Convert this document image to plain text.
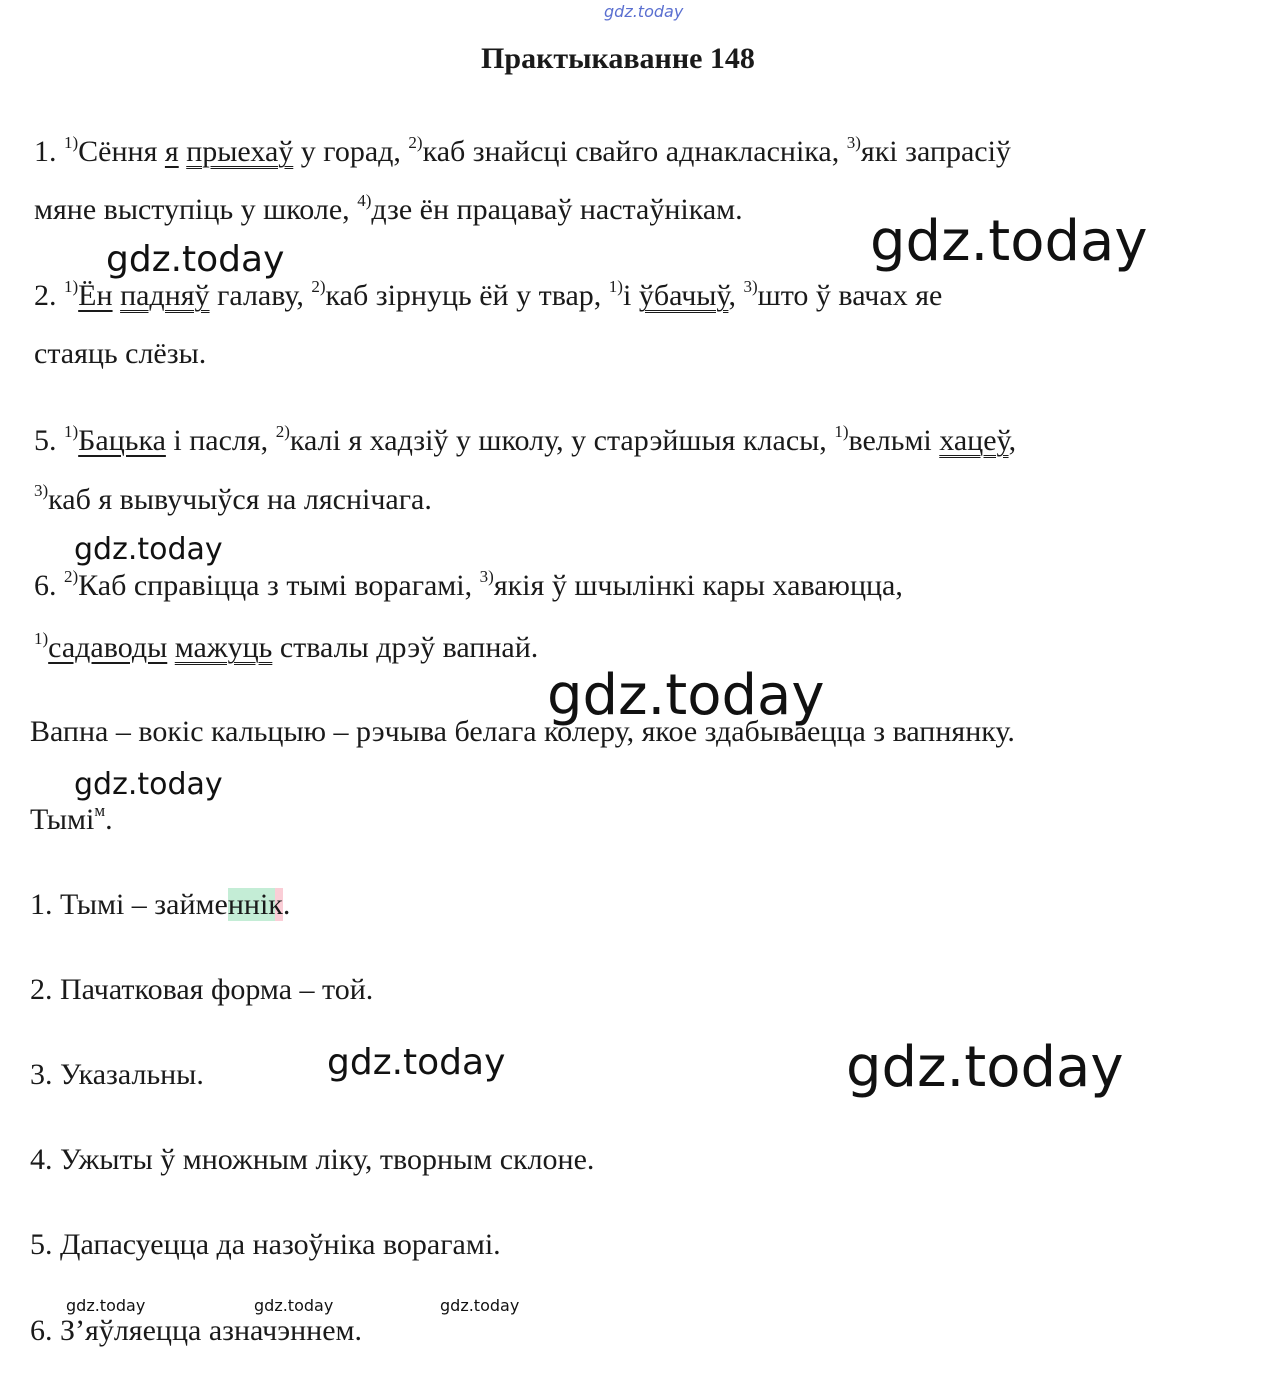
gdz.today
gdz.today
gdz.today
gdz.today
gdz.today
gdz.today
gdz.today	gdz.today
gdz.today	gdz.today	gdz.today
Практыкаванне 148
1. $^{1)}$Сёння я прыехаў у горад, $^{2)}$каб знайсці свайго аднакласніка, $^{3)}$які запрасіў
мяне выступіць у школе, $^{4)}$дзе ён працаваў настаўнікам.
2. $^{1)}$Ён падняў галаву, $^{2)}$каб зірнуць ёй у твар, $^{1)}$і ўбачыў, $^{3)}$што ў вачах яе
стаяць слёзы.
5. $^{1)}$Бацька і пасля, $^{2)}$калі я хадзіў у школу, у старэйшыя класы, $^{1)}$вельмі хацеў,
$^{3)}$каб я вывучыўся на ляснічага.
6. $^{2)}$Каб справіцца з тымі ворагамі, $^{3)}$якія ў шчылінкі кары хаваюцца,
$^{1)}$садаводы мажуць ствалы дрэў вапнай.
Вапна – вокіс кальцыю – рэчыва белага колеру, якое здабываецца з вапнянку.
Тымі$^м$.
1. Тымі – займеннік.
2. Пачатковая форма – той.
3. Указальны.
4. Ужыты ў множным ліку, творным склоне.
5. Дапасуецца да назоўніка ворагамі.
6. З’яўляецца азначэннем.
